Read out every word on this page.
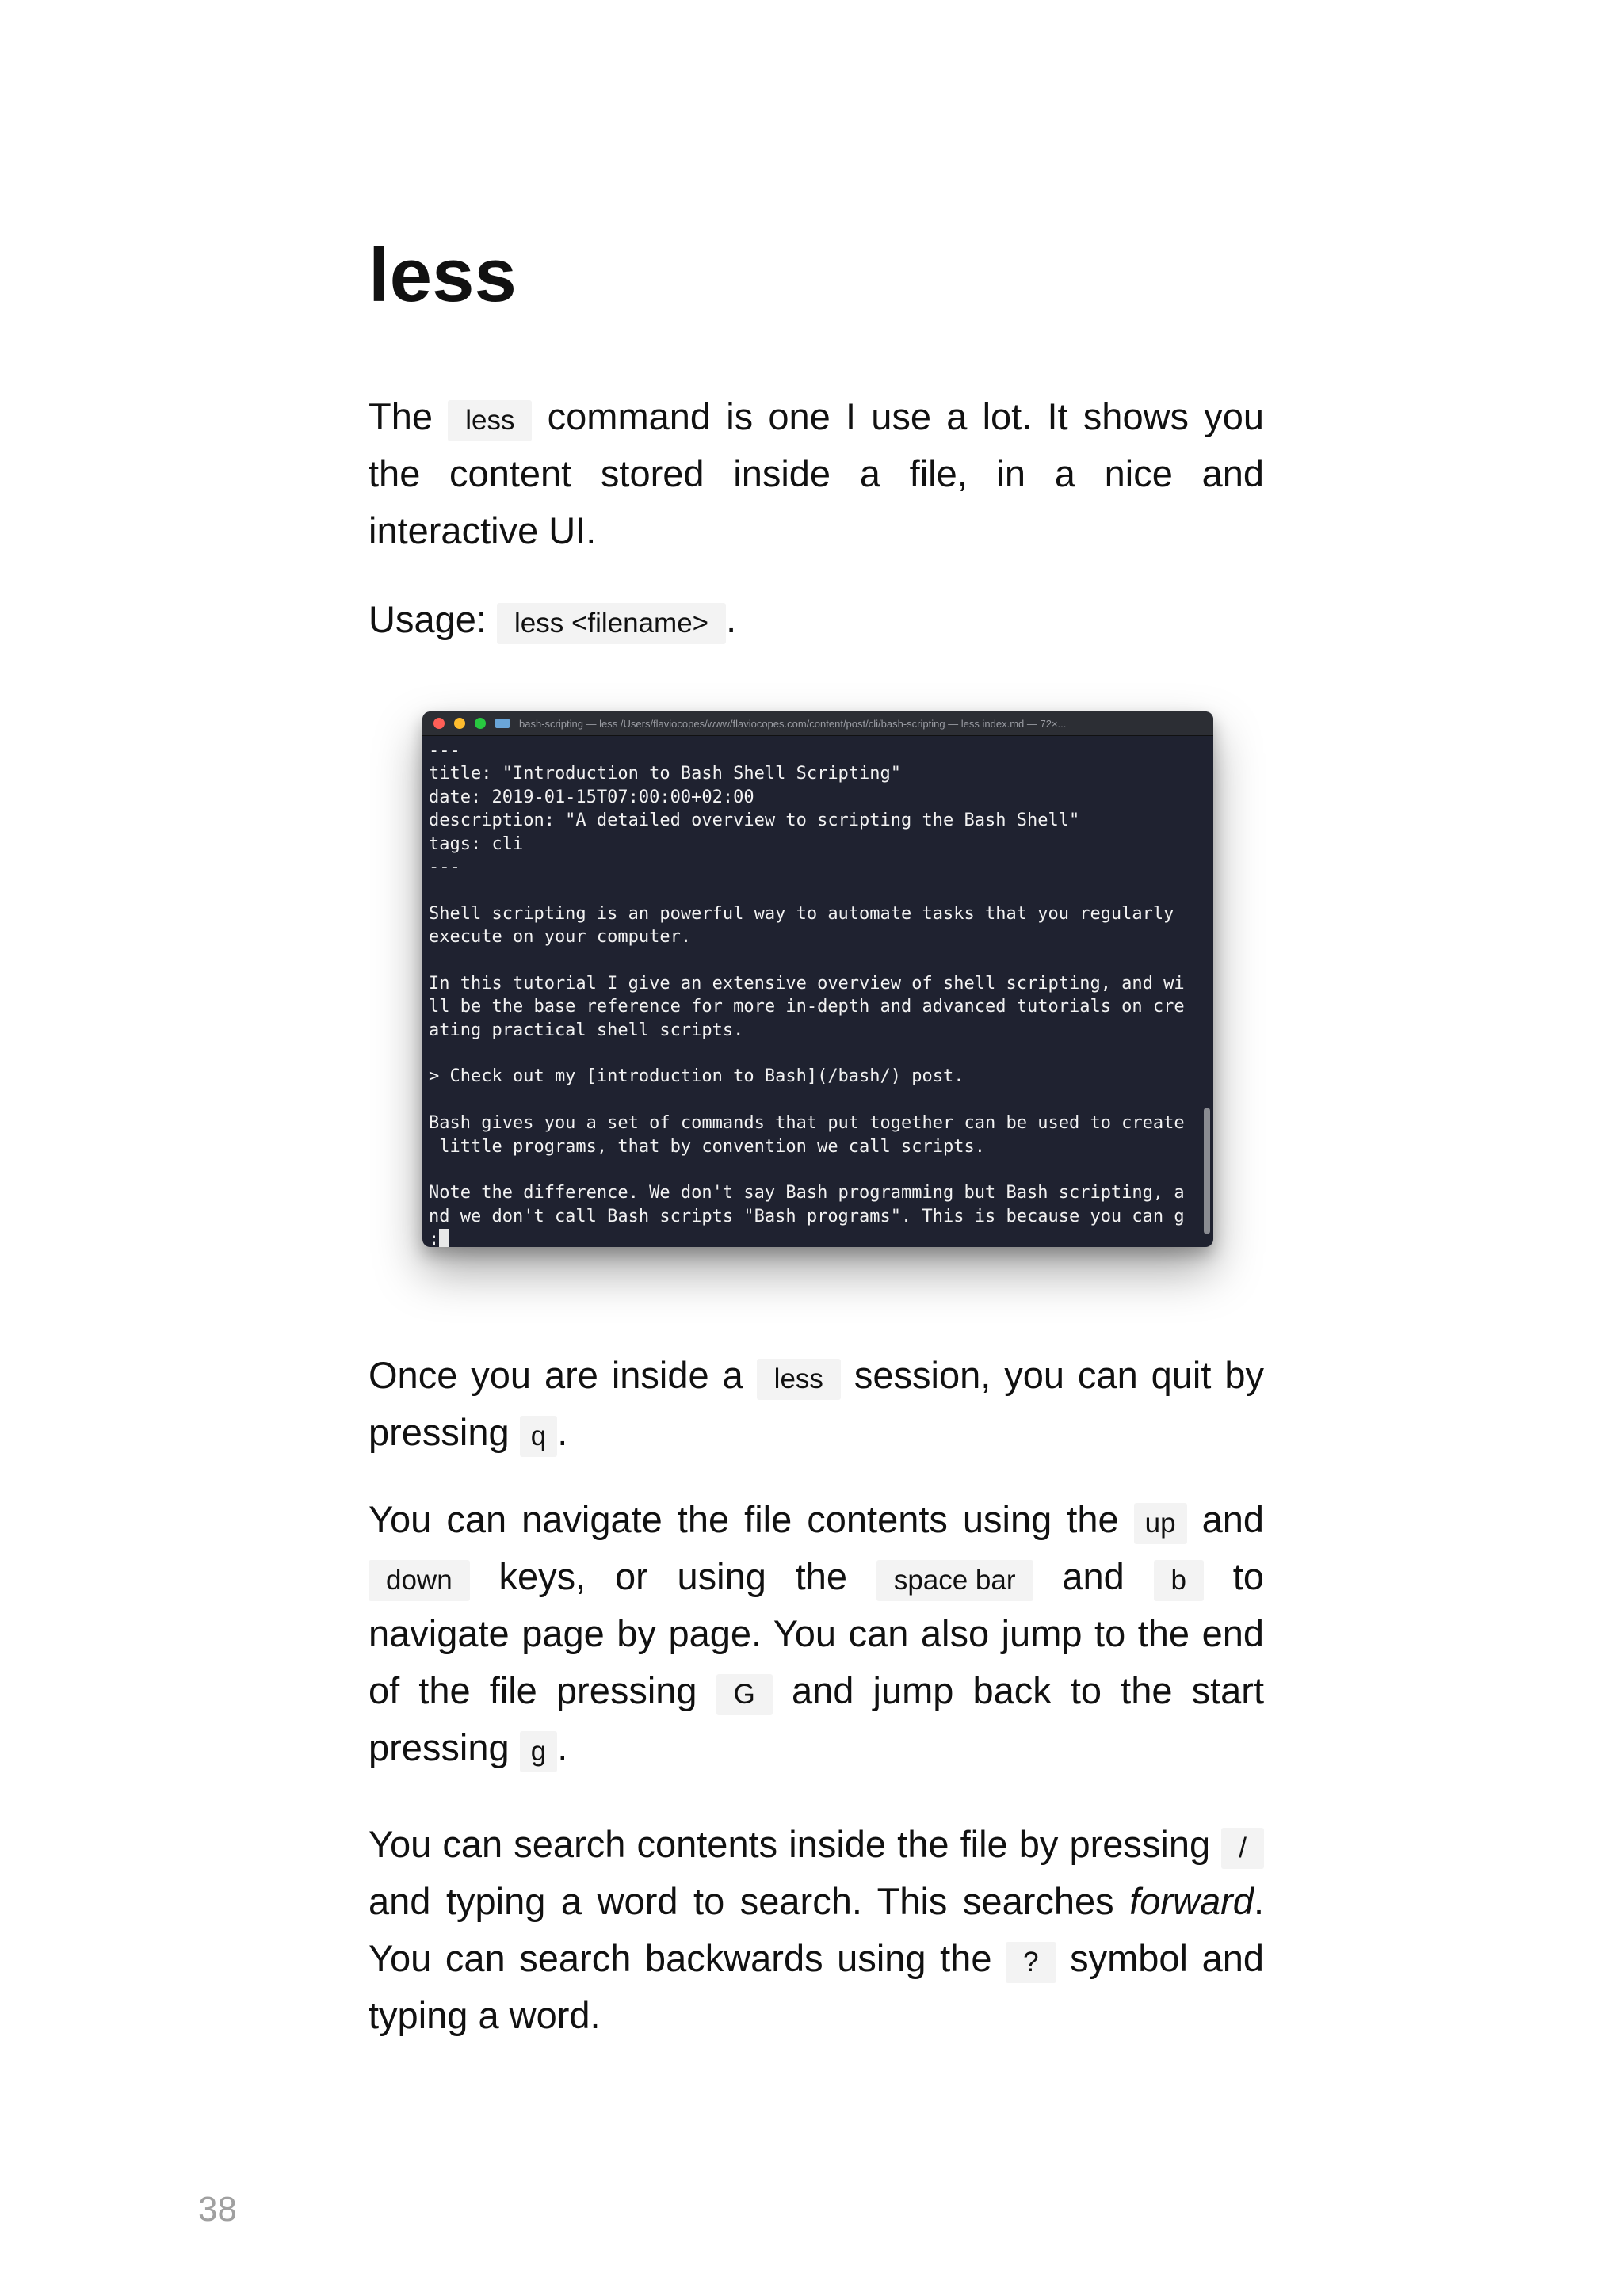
less

The less command is one I use a lot. It shows you the content stored inside a file, in a nice and interactive UI.

Usage: less <filename> .

bash-scripting — less /Users/flaviocopes/www/flaviocopes.com/content/post/cli/bash-scripting — less index.md — 72×...
---
title: "Introduction to Bash Shell Scripting"
date: 2019-01-15T07:00:00+02:00
description: "A detailed overview to scripting the Bash Shell"
tags: cli
---
Shell scripting is an powerful way to automate tasks that you regularly
execute on your computer.
In this tutorial I give an extensive overview of shell scripting, and wi
ll be the base reference for more in-depth and advanced tutorials on cre
ating practical shell scripts.
> Check out my [introduction to Bash](/bash/) post.
Bash gives you a set of commands that put together can be used to create
little programs, that by convention we call scripts.
Note the difference. We don't say Bash programming but Bash scripting, a
nd we don't call Bash scripts "Bash programs". This is because you can g
:

Once you are inside a less session, you can quit by pressing q .

You can navigate the file contents using the up and down keys, or using the space bar and b to navigate page by page. You can also jump to the end of the file pressing G and jump back to the start pressing g .

You can search contents inside the file by pressing / and typing a word to search. This searches forward. You can search backwards using the ? symbol and typing a word.

38
